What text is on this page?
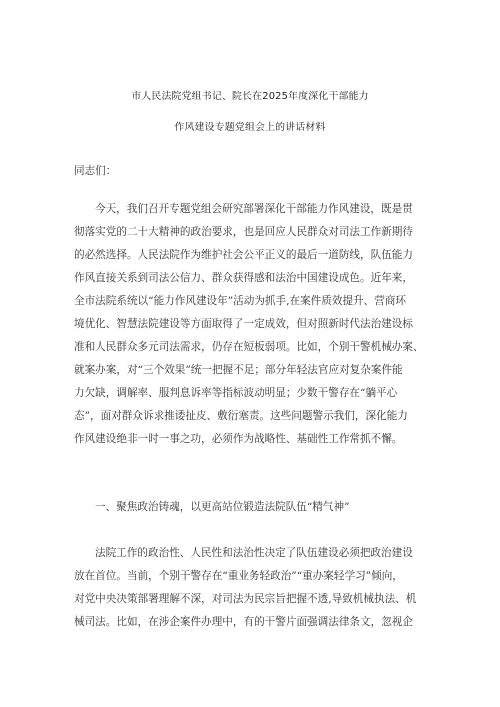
市人民法院党组书记、院长在2025年度深化干部能力
作风建设专题党组会上的讲话材料
同志们：
今天，我们召开专题党组会研究部署深化干部能力作风建设，既是贯
彻落实党的二十大精神的政治要求，也是回应人民群众对司法工作新期待
的必然选择。人民法院作为维护社会公平正义的最后一道防线，队伍能力
作风直接关系到司法公信力、群众获得感和法治中国建设成色。近年来，
全市法院系统以“能力作风建设年”活动为抓手,在案件质效提升、营商环
境优化、智慧法院建设等方面取得了一定成效，但对照新时代法治建设标
准和人民群众多元司法需求，仍存在短板弱项。比如，个别干警机械办案、
就案办案，对“三个效果”统一把握不足；部分年轻法官应对复杂案件能
力欠缺，调解率、服判息诉率等指标波动明显；少数干警存在“躺平心
态”，面对群众诉求推诿扯皮、敷衍塞责。这些问题警示我们，深化能力
作风建设绝非一时一事之功，必须作为战略性、基础性工作常抓不懈。
一、聚焦政治铸魂，以更高站位锻造法院队伍“精气神”
法院工作的政治性、人民性和法治性决定了队伍建设必须把政治建设
放在首位。当前，个别干警存在“重业务轻政治”“重办案轻学习”倾向，
对党中央决策部署理解不深，对司法为民宗旨把握不透,导致机械执法、机
械司法。比如，在涉企案件办理中，有的干警片面强调法律条文，忽视企
